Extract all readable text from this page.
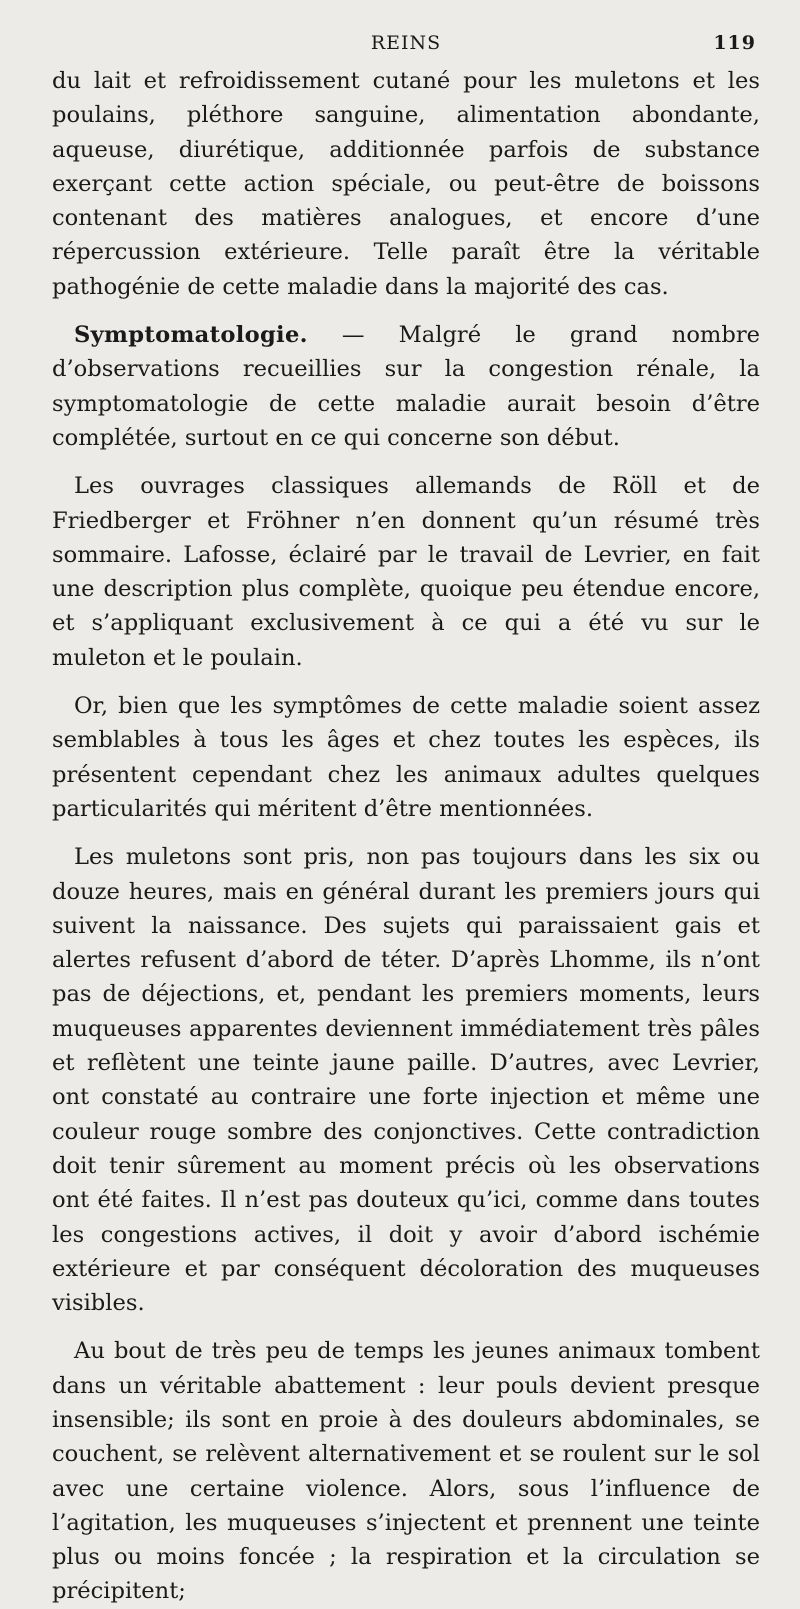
REINS	119

du lait et refroidissement cutané pour les muletons et les poulains, pléthore sanguine, alimentation abondante, aqueuse, diurétique, additionnée parfois de substance exerçant cette action spéciale, ou peut-être de boissons contenant des matières analogues, et encore d’une répercussion extérieure. Telle paraît être la véritable pathogénie de cette maladie dans la majorité des cas.

Symptomatologie. — Malgré le grand nombre d’observations recueillies sur la congestion rénale, la symptomatologie de cette maladie aurait besoin d’être complétée, surtout en ce qui concerne son début.

Les ouvrages classiques allemands de Röll et de Friedberger et Fröhner n’en donnent qu’un résumé très sommaire. Lafosse, éclairé par le travail de Levrier, en fait une description plus complète, quoique peu étendue encore, et s’appliquant exclusivement à ce qui a été vu sur le muleton et le poulain.

Or, bien que les symptômes de cette maladie soient assez semblables à tous les âges et chez toutes les espèces, ils présentent cependant chez les animaux adultes quelques particularités qui méritent d’être mentionnées.

Les muletons sont pris, non pas toujours dans les six ou douze heures, mais en général durant les premiers jours qui suivent la naissance. Des sujets qui paraissaient gais et alertes refusent d’abord de téter. D’après Lhomme, ils n’ont pas de déjections, et, pendant les premiers moments, leurs muqueuses apparentes deviennent immédiatement très pâles et reflètent une teinte jaune paille. D’autres, avec Levrier, ont constaté au contraire une forte injection et même une couleur rouge sombre des conjonctives. Cette contradiction doit tenir sûrement au moment précis où les observations ont été faites. Il n’est pas douteux qu’ici, comme dans toutes les congestions actives, il doit y avoir d’abord ischémie extérieure et par conséquent décoloration des muqueuses visibles.

Au bout de très peu de temps les jeunes animaux tombent dans un véritable abattement : leur pouls devient presque insensible; ils sont en proie à des douleurs abdominales, se couchent, se relèvent alternativement et se roulent sur le sol avec une certaine violence. Alors, sous l’influence de l’agitation, les muqueuses s’injectent et prennent une teinte plus ou moins foncée ; la respiration et la circulation se précipitent;
